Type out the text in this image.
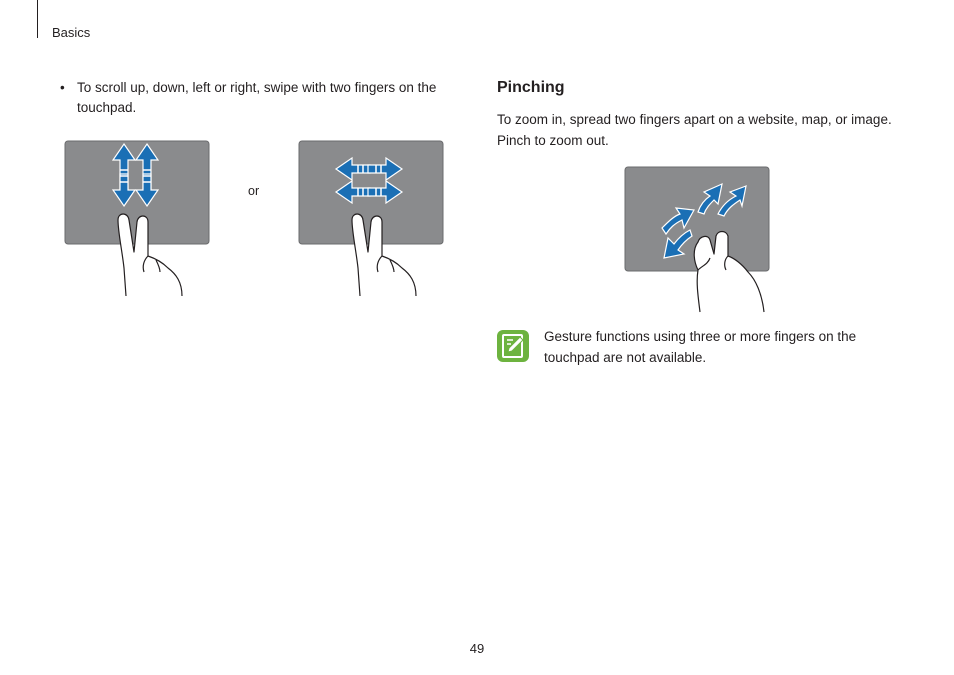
Basics
• To scroll up, down, left or right, swipe with two fingers on the touchpad.
or
Pinching
To zoom in, spread two fingers apart on a website, map, or image. Pinch to zoom out.
Gesture functions using three or more fingers on the touchpad are not available.
49
